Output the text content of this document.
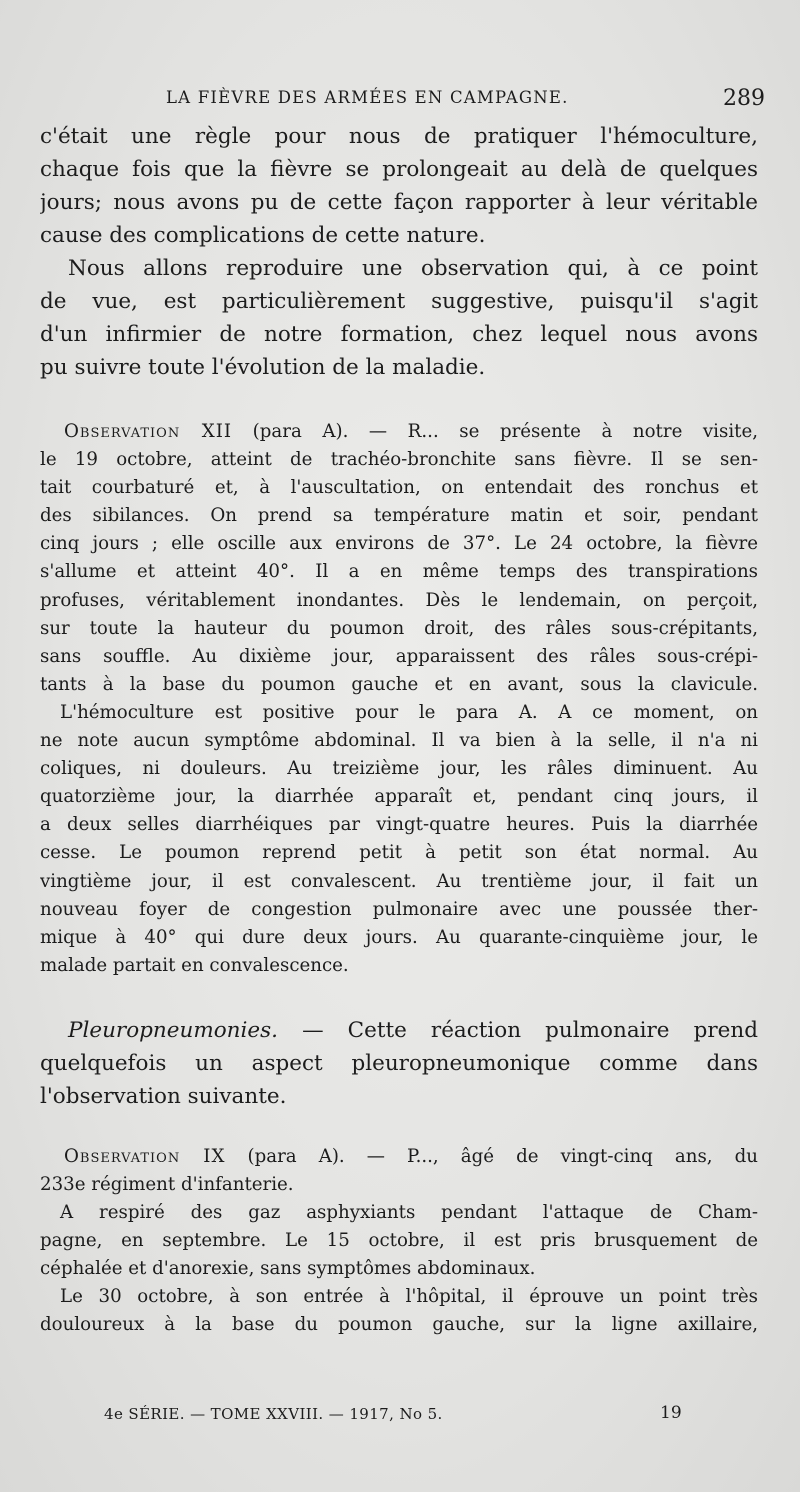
LA FIÈVRE DES ARMÉES EN CAMPAGNE.	289
c'était une règle pour nous de pratiquer l'hémoculture,
chaque fois que la fièvre se prolongeait au delà de quelques
jours; nous avons pu de cette façon rapporter à leur véritable
cause des complications de cette nature.
Nous allons reproduire une observation qui, à ce point
de vue, est particulièrement suggestive, puisqu'il s'agit
d'un infirmier de notre formation, chez lequel nous avons
pu suivre toute l'évolution de la maladie.
Observation XII (para A). — R... se présente à notre visite,
le 19 octobre, atteint de trachéo-bronchite sans fièvre. Il se sen-
tait courbaturé et, à l'auscultation, on entendait des ronchus et
des sibilances. On prend sa température matin et soir, pendant
cinq jours ; elle oscille aux environs de 37°. Le 24 octobre, la fièvre
s'allume et atteint 40°. Il a en même temps des transpirations
profuses, véritablement inondantes. Dès le lendemain, on perçoit,
sur toute la hauteur du poumon droit, des râles sous-crépitants,
sans souffle. Au dixième jour, apparaissent des râles sous-crépi-
tants à la base du poumon gauche et en avant, sous la clavicule.
L'hémoculture est positive pour le para A. A ce moment, on
ne note aucun symptôme abdominal. Il va bien à la selle, il n'a ni
coliques, ni douleurs. Au treizième jour, les râles diminuent. Au
quatorzième jour, la diarrhée apparaît et, pendant cinq jours, il
a deux selles diarrhéiques par vingt-quatre heures. Puis la diarrhée
cesse. Le poumon reprend petit à petit son état normal. Au
vingtième jour, il est convalescent. Au trentième jour, il fait un
nouveau foyer de congestion pulmonaire avec une poussée ther-
mique à 40° qui dure deux jours. Au quarante-cinquième jour, le
malade partait en convalescence.
Pleuropneumonies. — Cette réaction pulmonaire prend
quelquefois un aspect pleuropneumonique comme dans
l'observation suivante.
Observation IX (para A). — P..., âgé de vingt-cinq ans, du
233e régiment d'infanterie.
A respiré des gaz asphyxiants pendant l'attaque de Cham-
pagne, en septembre. Le 15 octobre, il est pris brusquement de
céphalée et d'anorexie, sans symptômes abdominaux.
Le 30 octobre, à son entrée à l'hôpital, il éprouve un point très
douloureux à la base du poumon gauche, sur la ligne axillaire,
4e SÉRIE. — TOME XXVIII. — 1917, No 5.	19
